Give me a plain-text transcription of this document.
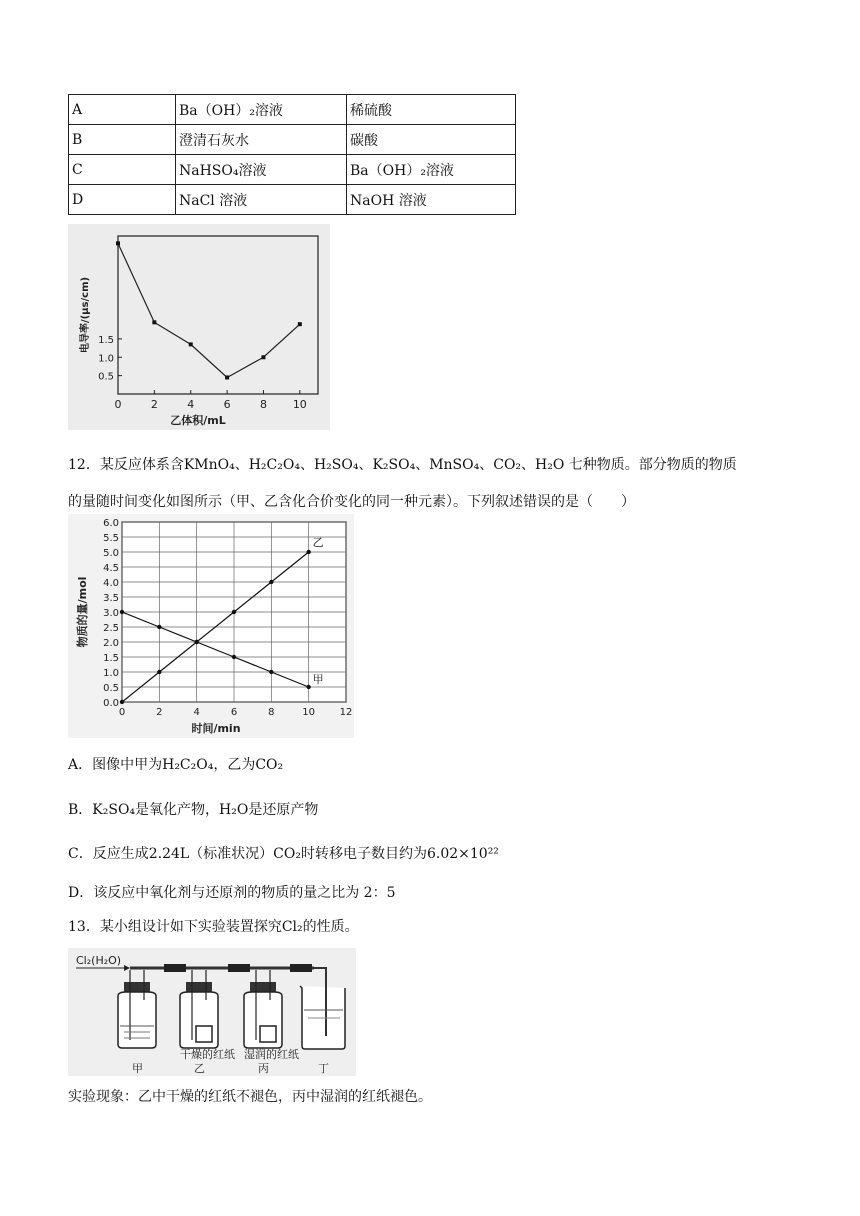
A	Ba（OH）₂溶液	稀硫酸
B	澄清石灰水	碳酸
C	NaHSO₄溶液	Ba（OH）₂溶液
D	NaCl 溶液	NaOH 溶液
0	2	4	6	8 10
0.5
1.0
1.5
乙体积/mL
电导率/(μs/cm)
12．某反应体系含KMnO₄、H₂C₂O₄、H₂SO₄、K₂SO₄、MnSO₄、CO₂、H₂O 七种物质。部分物质的物质
的量随时间变化如图所示（甲、乙含化合价变化的同一种元素）。下列叙述错误的是（　　）
0.0
0.5
1.0
1.5
2.0
2.5
3.0
3.5
4.0
4.5
5.0
5.5
6.0
0	2	4	6	8	10 12
乙
甲
时间/min
物质的量/mol
A．图像中甲为H₂C₂O₄，乙为CO₂
B．K₂SO₄是氧化产物，H₂O是还原产物
C．反应生成2.24L（标准状况）CO₂时转移电子数目约为6.02×10²²
D．该反应中氧化剂与还原剂的物质的量之比为 2：5
13．某小组设计如下实验装置探究Cl₂的性质。
Cl₂(H₂O)
干燥的红纸 湿润的红纸
甲	乙	丙	丁
实验现象：乙中干燥的红纸不褪色，丙中湿润的红纸褪色。
